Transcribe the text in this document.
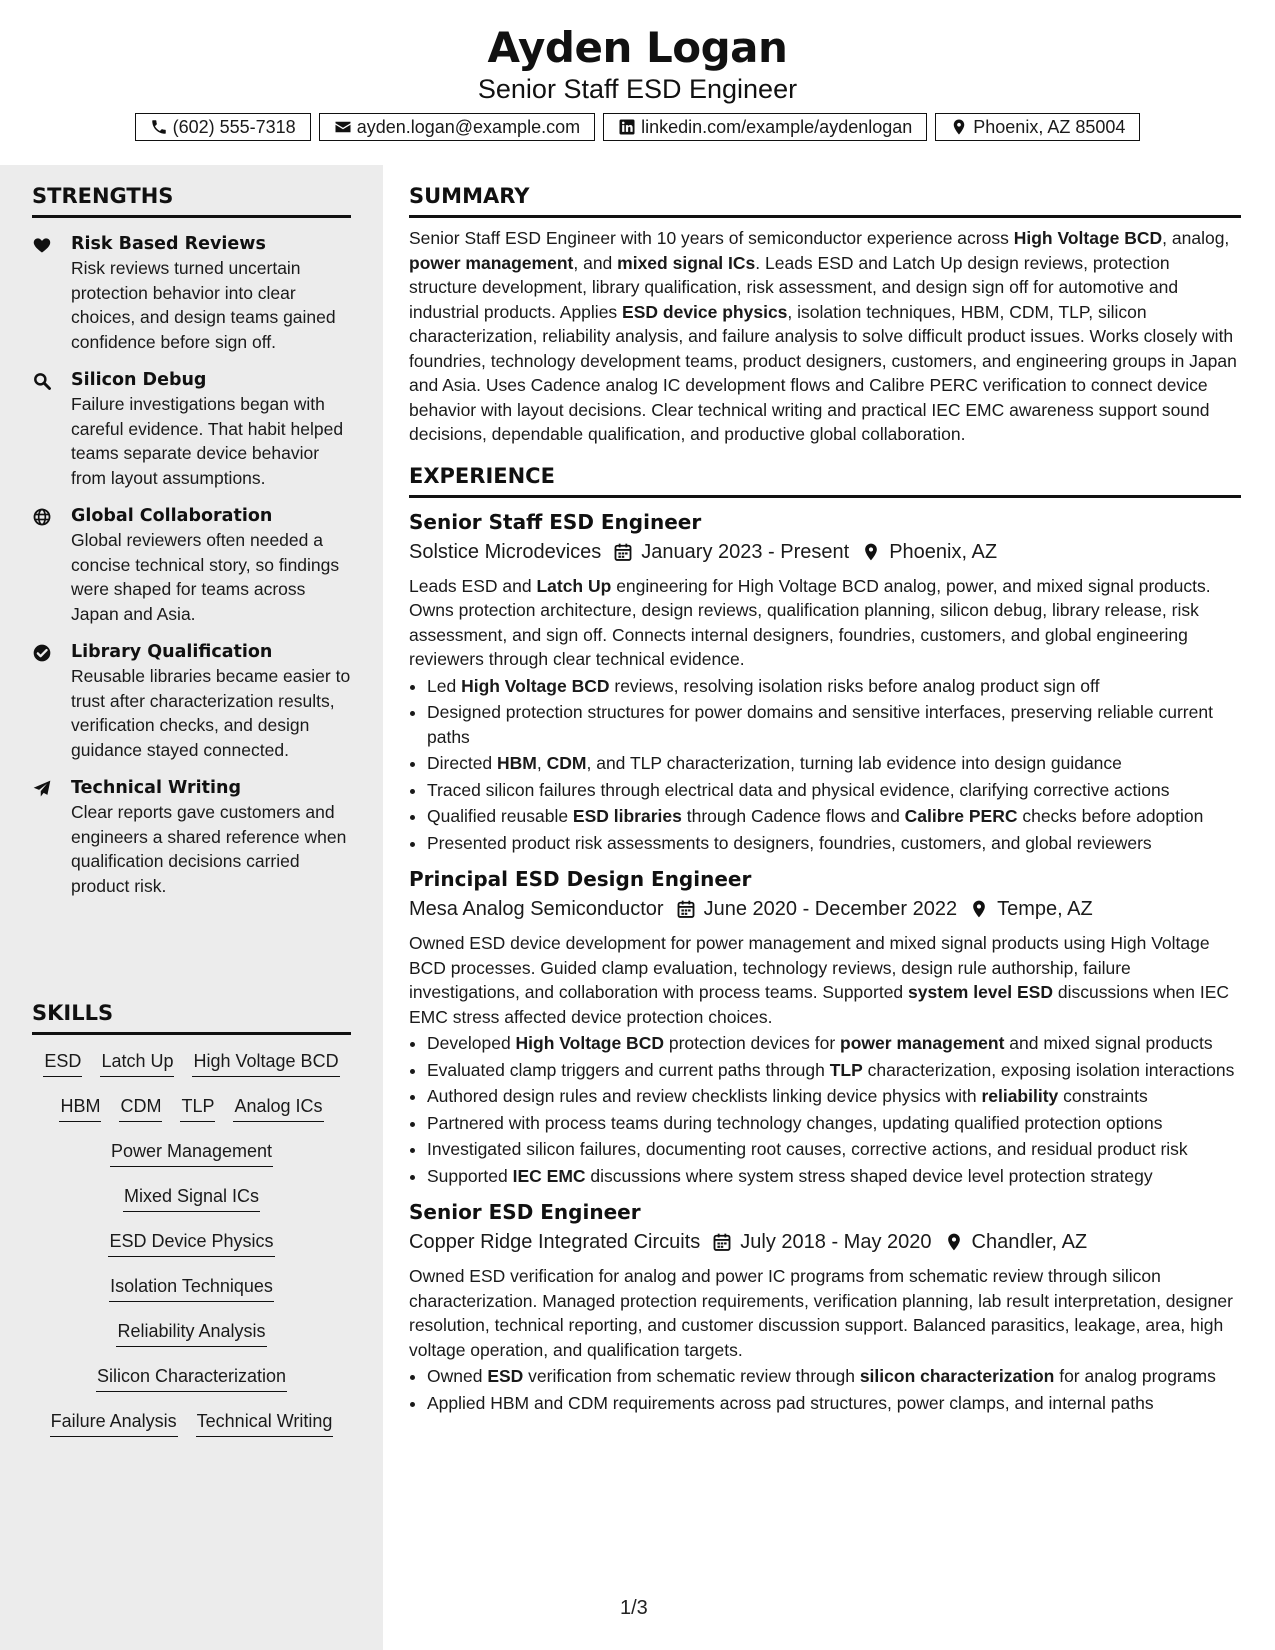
Ayden Logan
Senior Staff ESD Engineer
(602) 555-7318	ayden.logan@example.com	linkedin.com/example/aydenlogan	Phoenix, AZ 85004
STRENGTHS
Risk Based Reviews
Risk reviews turned uncertain protection behavior into clear choices, and design teams gained confidence before sign off.
Silicon Debug
Failure investigations began with careful evidence. That habit helped teams separate device behavior from layout assumptions.
Global Collaboration
Global reviewers often needed a concise technical story, so findings were shaped for teams across Japan and Asia.
Library Qualification
Reusable libraries became easier to trust after characterization results, verification checks, and design guidance stayed connected.
Technical Writing
Clear reports gave customers and engineers a shared reference when qualification decisions carried product risk.
SKILLS
ESD Latch Up High Voltage BCD
HBM CDM TLP Analog ICs
Power Management
Mixed Signal ICs
ESD Device Physics
Isolation Techniques
Reliability Analysis
Silicon Characterization
Failure Analysis Technical Writing
SUMMARY
Senior Staff ESD Engineer with 10 years of semiconductor experience across High Voltage BCD, analog, power management, and mixed signal ICs. Leads ESD and Latch Up design reviews, protection structure development, library qualification, risk assessment, and design sign off for automotive and industrial products. Applies ESD device physics, isolation techniques, HBM, CDM, TLP, silicon characterization, reliability analysis, and failure analysis to solve difficult product issues. Works closely with foundries, technology development teams, product designers, customers, and engineering groups in Japan and Asia. Uses Cadence analog IC development flows and Calibre PERC verification to connect device behavior with layout decisions. Clear technical writing and practical IEC EMC awareness support sound decisions, dependable qualification, and productive global collaboration.
EXPERIENCE
Senior Staff ESD Engineer
Solstice Microdevices January 2023 - Present Phoenix, AZ
Leads ESD and Latch Up engineering for High Voltage BCD analog, power, and mixed signal products. Owns protection architecture, design reviews, qualification planning, silicon debug, library release, risk assessment, and sign off. Connects internal designers, foundries, customers, and global engineering reviewers through clear technical evidence.
• Led High Voltage BCD reviews, resolving isolation risks before analog product sign off
• Designed protection structures for power domains and sensitive interfaces, preserving reliable current paths
• Directed HBM, CDM, and TLP characterization, turning lab evidence into design guidance
• Traced silicon failures through electrical data and physical evidence, clarifying corrective actions
• Qualified reusable ESD libraries through Cadence flows and Calibre PERC checks before adoption
• Presented product risk assessments to designers, foundries, customers, and global reviewers
Principal ESD Design Engineer
Mesa Analog Semiconductor June 2020 - December 2022 Tempe, AZ
Owned ESD device development for power management and mixed signal products using High Voltage BCD processes. Guided clamp evaluation, technology reviews, design rule authorship, failure investigations, and collaboration with process teams. Supported system level ESD discussions when IEC EMC stress affected device protection choices.
• Developed High Voltage BCD protection devices for power management and mixed signal products
• Evaluated clamp triggers and current paths through TLP characterization, exposing isolation interactions
• Authored design rules and review checklists linking device physics with reliability constraints
• Partnered with process teams during technology changes, updating qualified protection options
• Investigated silicon failures, documenting root causes, corrective actions, and residual product risk
• Supported IEC EMC discussions where system stress shaped device level protection strategy
Senior ESD Engineer
Copper Ridge Integrated Circuits July 2018 - May 2020 Chandler, AZ
Owned ESD verification for analog and power IC programs from schematic review through silicon characterization. Managed protection requirements, verification planning, lab result interpretation, designer resolution, technical reporting, and customer discussion support. Balanced parasitics, leakage, area, high voltage operation, and qualification targets.
• Owned ESD verification from schematic review through silicon characterization for analog programs
• Applied HBM and CDM requirements across pad structures, power clamps, and internal paths
1/3
